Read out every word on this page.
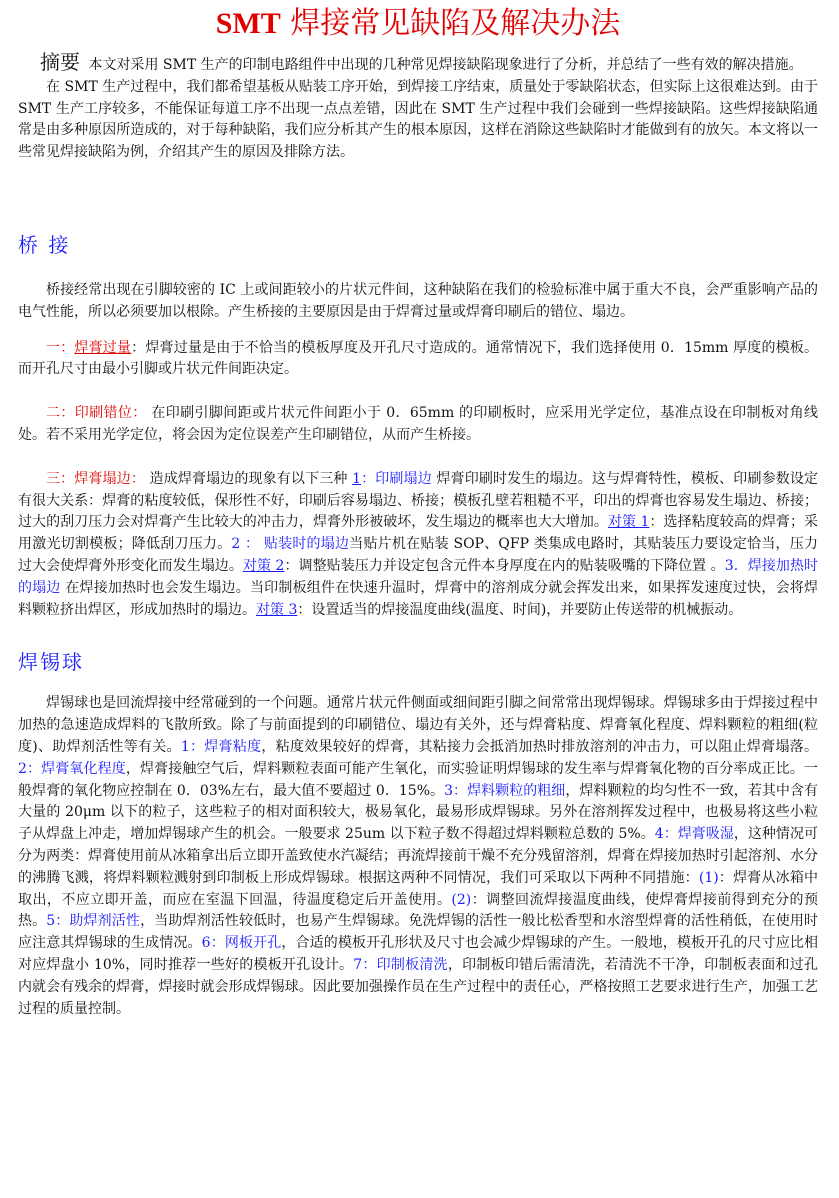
SMT 焊接常见缺陷及解决办法

摘要 本文对采用 SMT 生产的印制电路组件中出现的几种常见焊接缺陷现象进行了分析，并总结了一些有效的解决措施。

在 SMT 生产过程中，我们都希望基板从贴装工序开始，到焊接工序结束，质量处于零缺陷状态，但实际上这很难达到。由于 SMT 生产工序较多，不能保证每道工序不出现一点点差错，因此在 SMT 生产过程中我们会碰到一些焊接缺陷。这些焊接缺陷通常是由多种原因所造成的，对于每种缺陷，我们应分析其产生的根本原因，这样在消除这些缺陷时才能做到有的放矢。本文将以一些常见焊接缺陷为例，介绍其产生的原因及排除方法。

桥 接

桥接经常出现在引脚较密的 IC 上或间距较小的片状元件间，这种缺陷在我们的检验标准中属于重大不良，会严重影响产品的电气性能，所以必须要加以根除。产生桥接的主要原因是由于焊膏过量或焊膏印刷后的错位、塌边。

一：焊膏过量：焊膏过量是由于不恰当的模板厚度及开孔尺寸造成的。通常情况下，我们选择使用 0．15mm 厚度的模板。而开孔尺寸由最小引脚或片状元件间距决定。

二：印刷错位： 在印刷引脚间距或片状元件间距小于 0．65mm 的印刷板时，应采用光学定位，基准点设在印制板对角线处。若不采用光学定位，将会因为定位误差产生印刷错位，从而产生桥接。

三：焊膏塌边： 造成焊膏塌边的现象有以下三种 1：印刷塌边 焊膏印刷时发生的塌边。这与焊膏特性，模板、印刷参数设定有很大关系：焊膏的粘度较低，保形性不好，印刷后容易塌边、桥接；模板孔壁若粗糙不平，印出的焊膏也容易发生塌边、桥接；过大的刮刀压力会对焊膏产生比较大的冲击力，焊膏外形被破坏，发生塌边的概率也大大增加。对策 1：选择粘度较高的焊膏；采用激光切割模板；降低刮刀压力。2 ： 贴装时的塌边当贴片机在贴装 SOP、QFP 类集成电路时，其贴装压力要设定恰当，压力过大会使焊膏外形变化而发生塌边。对策 2：调整贴装压力并设定包含元件本身厚度在内的贴装吸嘴的下降位置 。3．焊接加热时的塌边 在焊接加热时也会发生塌边。当印制板组件在快速升温时，焊膏中的溶剂成分就会挥发出来，如果挥发速度过快，会将焊料颗粒挤出焊区，形成加热时的塌边。对策 3：设置适当的焊接温度曲线(温度、时间)，并要防止传送带的机械振动。

焊锡球

焊锡球也是回流焊接中经常碰到的一个问题。通常片状元件侧面或细间距引脚之间常常出现焊锡球。焊锡球多由于焊接过程中加热的急速造成焊料的飞散所致。除了与前面提到的印刷错位、塌边有关外，还与焊膏粘度、焊膏氧化程度、焊料颗粒的粗细(粒度)、助焊剂活性等有关。1：焊膏粘度，粘度效果较好的焊膏，其粘接力会抵消加热时排放溶剂的冲击力，可以阻止焊膏塌落。2：焊膏氧化程度，焊膏接触空气后，焊料颗粒表面可能产生氧化，而实验证明焊锡球的发生率与焊膏氧化物的百分率成正比。一般焊膏的氧化物应控制在 0．03%左右，最大值不要超过 0．15%。3：焊料颗粒的粗细，焊料颗粒的均匀性不一致，若其中含有大量的 20μm 以下的粒子，这些粒子的相对面积较大，极易氧化，最易形成焊锡球。另外在溶剂挥发过程中，也极易将这些小粒子从焊盘上冲走，增加焊锡球产生的机会。一般要求 25um 以下粒子数不得超过焊料颗粒总数的 5%。4：焊膏吸湿，这种情况可分为两类：焊膏使用前从冰箱拿出后立即开盖致使水汽凝结；再流焊接前干燥不充分残留溶剂，焊膏在焊接加热时引起溶剂、水分的沸腾飞溅，将焊料颗粒溅射到印制板上形成焊锡球。根据这两种不同情况，我们可采取以下两种不同措施：(1)：焊膏从冰箱中取出，不应立即开盖，而应在室温下回温，待温度稳定后开盖使用。(2)：调整回流焊接温度曲线，使焊膏焊接前得到充分的预热。5：助焊剂活性，当助焊剂活性较低时，也易产生焊锡球。免洗焊锡的活性一般比松香型和水溶型焊膏的活性稍低，在使用时应注意其焊锡球的生成情况。6：网板开孔，合适的模板开孔形状及尺寸也会减少焊锡球的产生。一般地，模板开孔的尺寸应比相对应焊盘小 10%，同时推荐一些好的模板开孔设计。7：印制板清洗，印制板印错后需清洗，若清洗不干净，印制板表面和过孔内就会有残余的焊膏，焊接时就会形成焊锡球。因此要加强操作员在生产过程中的责任心，严格按照工艺要求进行生产，加强工艺过程的质量控制。
